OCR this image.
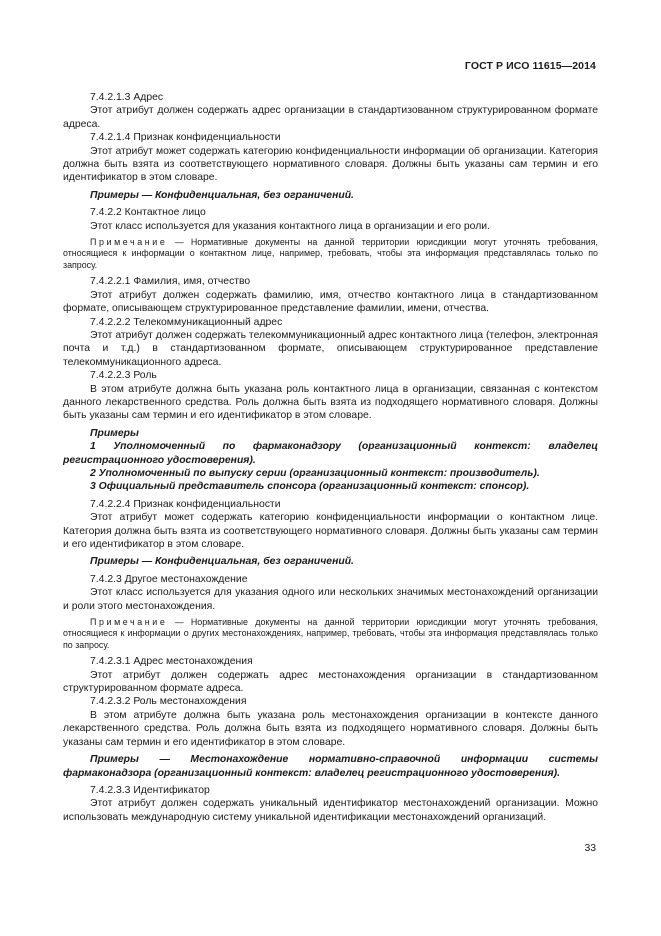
ГОСТ Р ИСО 11615—2014

7.4.2.1.3 Адрес

Этот атрибут должен содержать адрес организации в стандартизованном структурированном формате адреса.

7.4.2.1.4 Признак конфиденциальности

Этот атрибут может содержать категорию конфиденциальности информации об организации. Категория должна быть взята из соответствующего нормативного словаря. Должны быть указаны сам термин и его идентификатор в этом словаре.

Примеры — Конфиденциальная, без ограничений.

7.4.2.2 Контактное лицо

Этот класс используется для указания контактного лица в организации и его роли.

Примечание — Нормативные документы на данной территории юрисдикции могут уточнять требования, относящиеся к информации о контактном лице, например, требовать, чтобы эта информация представлялась только по запросу.

7.4.2.2.1 Фамилия, имя, отчество

Этот атрибут должен содержать фамилию, имя, отчество контактного лица в стандартизованном формате, описывающем структурированное представление фамилии, имени, отчества.

7.4.2.2.2 Телекоммуникационный адрес

Этот атрибут должен содержать телекоммуникационный адрес контактного лица (телефон, электронная почта и т.д.) в стандартизованном формате, описывающем структурированное представление телекоммуникационного адреса.

7.4.2.2.3 Роль

В этом атрибуте должна быть указана роль контактного лица в организации, связанная с контекстом данного лекарственного средства. Роль должна быть взята из подходящего нормативного словаря. Должны быть указаны сам термин и его идентификатор в этом словаре.

Примеры

1 Уполномоченный по фармаконадзору (организационный контекст: владелец регистрационного удостоверения).

2 Уполномоченный по выпуску серии (организационный контекст: производитель).

3 Официальный представитель спонсора (организационный контекст: спонсор).

7.4.2.2.4 Признак конфиденциальности

Этот атрибут может содержать категорию конфиденциальности информации о контактном лице. Категория должна быть взята из соответствующего нормативного словаря. Должны быть указаны сам термин и его идентификатор в этом словаре.

Примеры — Конфиденциальная, без ограничений.

7.4.2.3 Другое местонахождение

Этот класс используется для указания одного или нескольких значимых местонахождений организации и роли этого местонахождения.

Примечание — Нормативные документы на данной территории юрисдикции могут уточнять требования, относящиеся к информации о других местонахождениях, например, требовать, чтобы эта информация представлялась только по запросу.

7.4.2.3.1 Адрес местонахождения

Этот атрибут должен содержать адрес местонахождения организации в стандартизованном структурированном формате адреса.

7.4.2.3.2 Роль местонахождения

В этом атрибуте должна быть указана роль местонахождения организации в контексте данного лекарственного средства. Роль должна быть взята из подходящего нормативного словаря. Должны быть указаны сам термин и его идентификатор в этом словаре.

Примеры — Местонахождение нормативно-справочной информации системы фармаконадзора (организационный контекст: владелец регистрационного удостоверения).

7.4.2.3.3 Идентификатор

Этот атрибут должен содержать уникальный идентификатор местонахождений организации. Можно использовать международную систему уникальной идентификации местонахождений организаций.

33
